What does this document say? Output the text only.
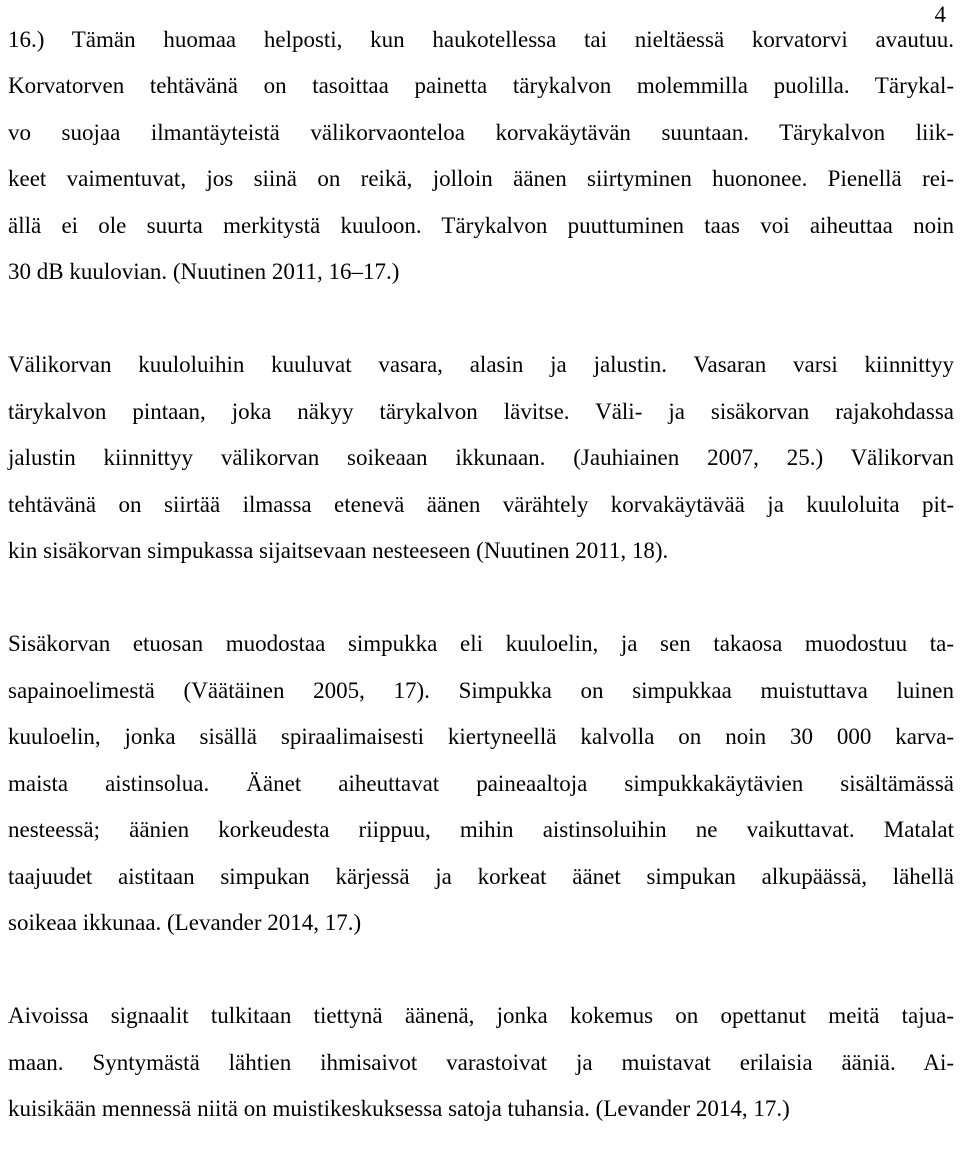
4

16.) Tämän huomaa helposti, kun haukotellessa tai nieltäessä korvatorvi avautuu.
Korvatorven tehtävänä on tasoittaa painetta tärykalvon molemmilla puolilla. Tärykal-
vo suojaa ilmantäyteistä välikorvaonteloa korvakäytävän suuntaan. Tärykalvon liik-
keet vaimentuvat, jos siinä on reikä, jolloin äänen siirtyminen huononee. Pienellä rei-
ällä ei ole suurta merkitystä kuuloon. Tärykalvon puuttuminen taas voi aiheuttaa noin
30 dB kuulovian. (Nuutinen 2011, 16–17.)

Välikorvan kuuloluihin kuuluvat vasara, alasin ja jalustin. Vasaran varsi kiinnittyy
tärykalvon pintaan, joka näkyy tärykalvon lävitse. Väli- ja sisäkorvan rajakohdassa
jalustin kiinnittyy välikorvan soikeaan ikkunaan. (Jauhiainen 2007, 25.) Välikorvan
tehtävänä on siirtää ilmassa etenevä äänen värähtely korvakäytävää ja kuuloluita pit-
kin sisäkorvan simpukassa sijaitsevaan nesteeseen (Nuutinen 2011, 18).

Sisäkorvan etuosan muodostaa simpukka eli kuuloelin, ja sen takaosa muodostuu ta-
sapainoelimestä (Väätäinen 2005, 17). Simpukka on simpukkaa muistuttava luinen
kuuloelin, jonka sisällä spiraalimaisesti kiertyneellä kalvolla on noin 30 000 karva-
maista aistinsolua. Äänet aiheuttavat paineaaltoja simpukkakäytävien sisältämässä
nesteessä; äänien korkeudesta riippuu, mihin aistinsoluihin ne vaikuttavat. Matalat
taajuudet aistitaan simpukan kärjessä ja korkeat äänet simpukan alkupäässä, lähellä
soikeaa ikkunaa. (Levander 2014, 17.)

Aivoissa signaalit tulkitaan tiettynä äänenä, jonka kokemus on opettanut meitä tajua-
maan. Syntymästä lähtien ihmisaivot varastoivat ja muistavat erilaisia ääniä. Ai-
kuisikään mennessä niitä on muistikeskuksessa satoja tuhansia. (Levander 2014, 17.)
